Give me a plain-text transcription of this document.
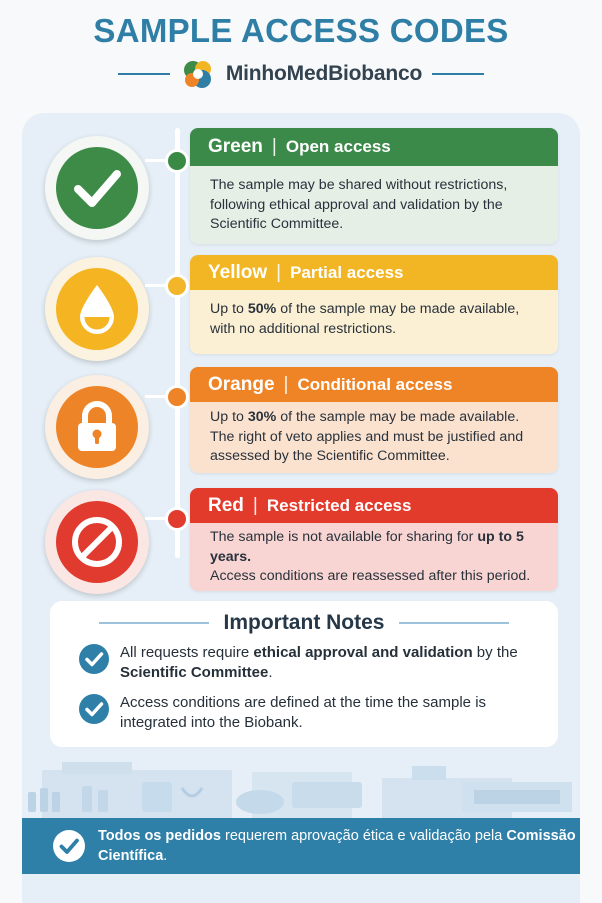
SAMPLE ACCESS CODES
MinhoMedBiobanco
Green | Open access
The sample may be shared without restrictions, following ethical approval and validation by the Scientific Committee.
Yellow | Partial access
Up to 50% of the sample may be made available, with no additional restrictions.
Orange | Conditional access
Up to 30% of the sample may be made available. The right of veto applies and must be justified and assessed by the Scientific Committee.
Red | Restricted access
The sample is not available for sharing for up to 5 years.
Access conditions are reassessed after this period.
Important Notes
All requests require ethical approval and validation by the Scientific Committee.
Access conditions are defined at the time the sample is integrated into the Biobank.
Todos os pedidos requerem aprovação ética e validação pela Comissão Científica.
